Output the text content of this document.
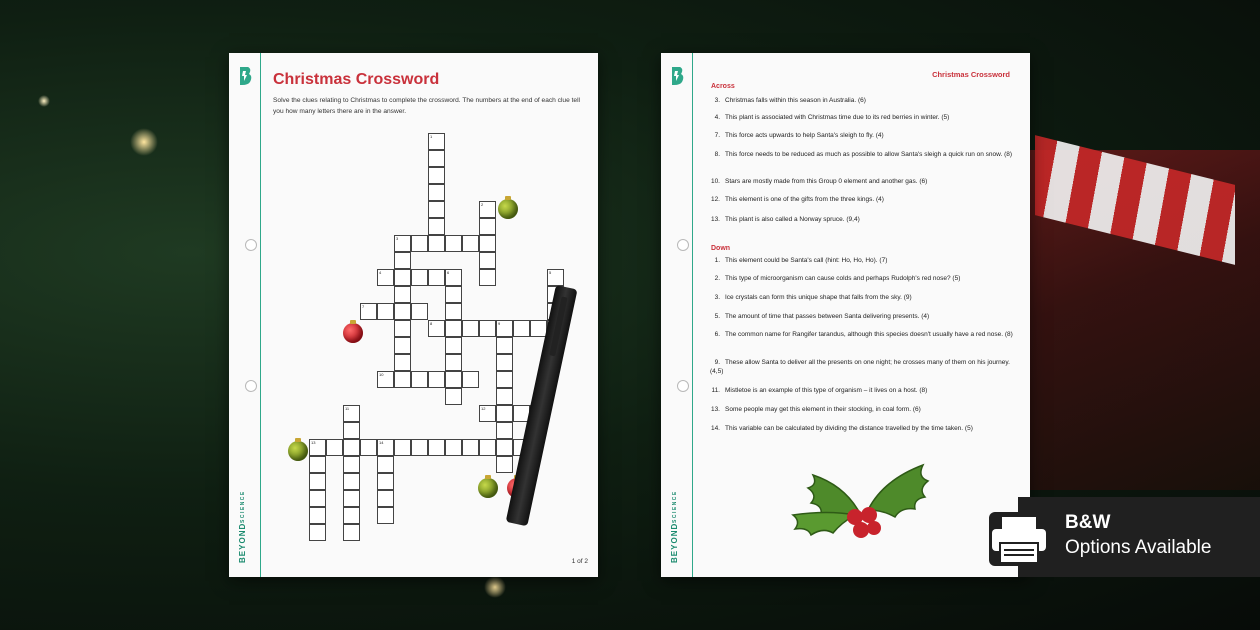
BEYONDSCIENCE
Christmas Crossword
Solve the clues relating to Christmas to complete the crossword. The numbers at the end of each clue tell you how many letters there are in the answer.
1
2
3
4	5
6
7
8	9
10
11	12
13	14
1 of 2	BEYONDSCIENCE
Christmas Crossword
Across
3. Christmas falls within this season in Australia. (6)
4. This plant is associated with Christmas time due to its red berries in winter. (5)
7. This force acts upwards to help Santa's sleigh to fly. (4)
8. This force needs to be reduced as much as possible to allow Santa's sleigh a quick run on snow. (8)
10. Stars are mostly made from this Group 0 element and another gas. (6)
12. This element is one of the gifts from the three kings. (4)
13. This plant is also called a Norway spruce. (9,4)
Down
1. This element could be Santa's call (hint: Ho, Ho, Ho). (7)
2. This type of microorganism can cause colds and perhaps Rudolph's red nose? (5)
3. Ice crystals can form this unique shape that falls from the sky. (9)
5. The amount of time that passes between Santa delivering presents. (4)
6. The common name for Rangifer tarandus, although this species doesn't usually have a red nose. (8)
9. These allow Santa to deliver all the presents on one night; he crosses many of them on his journey. (4,5)
11. Mistletoe is an example of this type of organism – it lives on a host. (8)
13. Some people may get this element in their stocking, in coal form. (6)
14. This variable can be calculated by dividing the distance travelled by the time taken. (5)
B&W
Options Available
